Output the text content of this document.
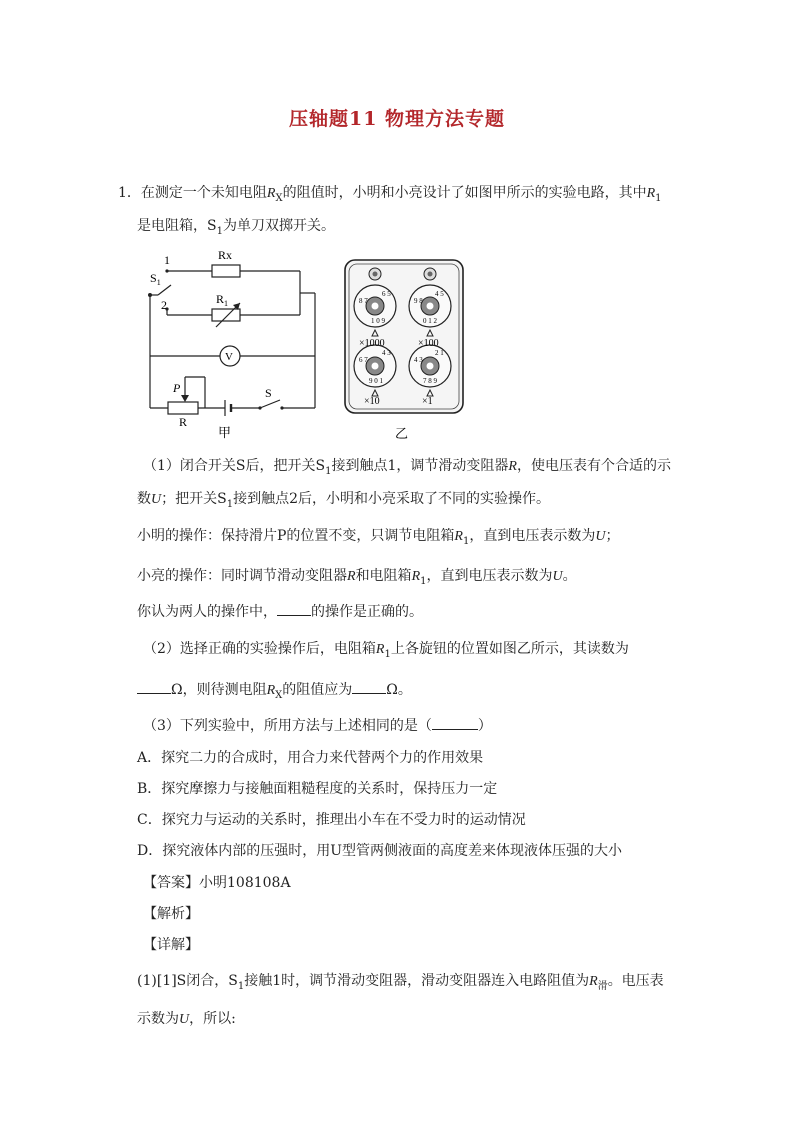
压轴题11 物理方法专题
1．在测定一个未知电阻$R_X$的阻值时，小明和小亮设计了如图甲所示的实验电路，其中$R_1$
是电阻箱，$S_1$为单刀双掷开关。
Rx
$R_1$
$S_1$
1
2
V
P
R
S
甲
1 0 9
8 7
6 5
0 1 2
9 8
4 5
9 0 1
6 7
4 3
7 8 9
4 3
2 1
×1000	×100
×10	×1
乙
（1）闭合开关S后，把开关$S_1$接到触点1，调节滑动变阻器R，使电压表有个合适的示
数U；把开关$S_1$接到触点2后，小明和小亮采取了不同的实验操作。
小明的操作：保持滑片P的位置不变，只调节电阻箱$R_1$，直到电压表示数为U；
小亮的操作：同时调节滑动变阻器R和电阻箱$R_1$，直到电压表示数为U。
你认为两人的操作中， 的操作是正确的。
（2）选择正确的实验操作后，电阻箱$R_1$上各旋钮的位置如图乙所示，其读数为
Ω，则待测电阻$R_X$的阻值应为 Ω。
（3）下列实验中，所用方法与上述相同的是（	）
A．探究二力的合成时，用合力来代替两个力的作用效果
B．探究摩擦力与接触面粗糙程度的关系时，保持压力一定
C．探究力与运动的关系时，推理出小车在不受力时的运动情况
D．探究液体内部的压强时，用U型管两侧液面的高度差来体现液体压强的大小
【答案】小明108108A
【解析】
【详解】
(1)[1]S闭合，$S_1$接触1时，调节滑动变阻器，滑动变阻器连入电路阻值为$R_滑$。电压表
示数为U，所以:
